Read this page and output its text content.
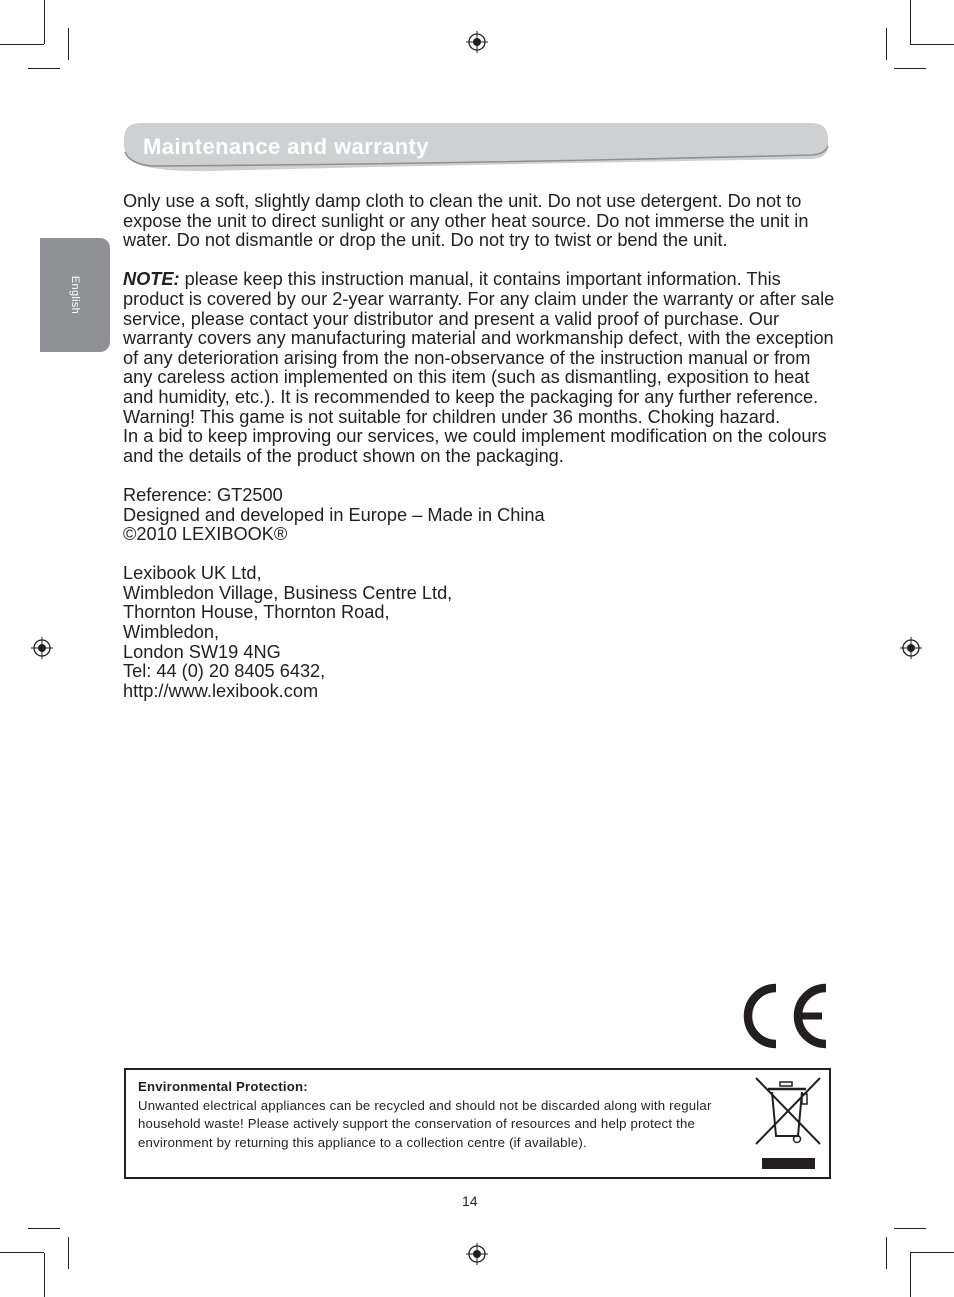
English
Maintenance and warranty

Only use a soft, slightly damp cloth to clean the unit. Do not use detergent. Do not to expose the unit to direct sunlight or any other heat source. Do not immerse the unit in water. Do not dismantle or drop the unit. Do not try to twist or bend the unit.

NOTE: please keep this instruction manual, it contains important information. This product is covered by our 2-year warranty. For any claim under the warranty or after sale service, please contact your distributor and present a valid proof of purchase. Our warranty covers any manufacturing material and workmanship defect, with the exception of any deterioration arising from the non-observance of the instruction manual or from any careless action implemented on this item (such as dismantling, exposition to heat and humidity, etc.). It is recommended to keep the packaging for any further reference. Warning! This game is not suitable for children under 36 months. Choking hazard.

In a bid to keep improving our services, we could implement modification on the colours and the details of the product shown on the packaging.

Reference: GT2500
Designed and developed in Europe – Made in China
©2010 LEXIBOOK®

Lexibook UK Ltd,
Wimbledon Village, Business Centre Ltd,
Thornton House, Thornton Road,
Wimbledon,
London SW19 4NG
Tel: 44 (0) 20 8405 6432,
http://www.lexibook.com

Environmental Protection:
Unwanted electrical appliances can be recycled and should not be discarded along with regular household waste! Please actively support the conservation of resources and help protect the environment by returning this appliance to a collection centre (if available).
14
